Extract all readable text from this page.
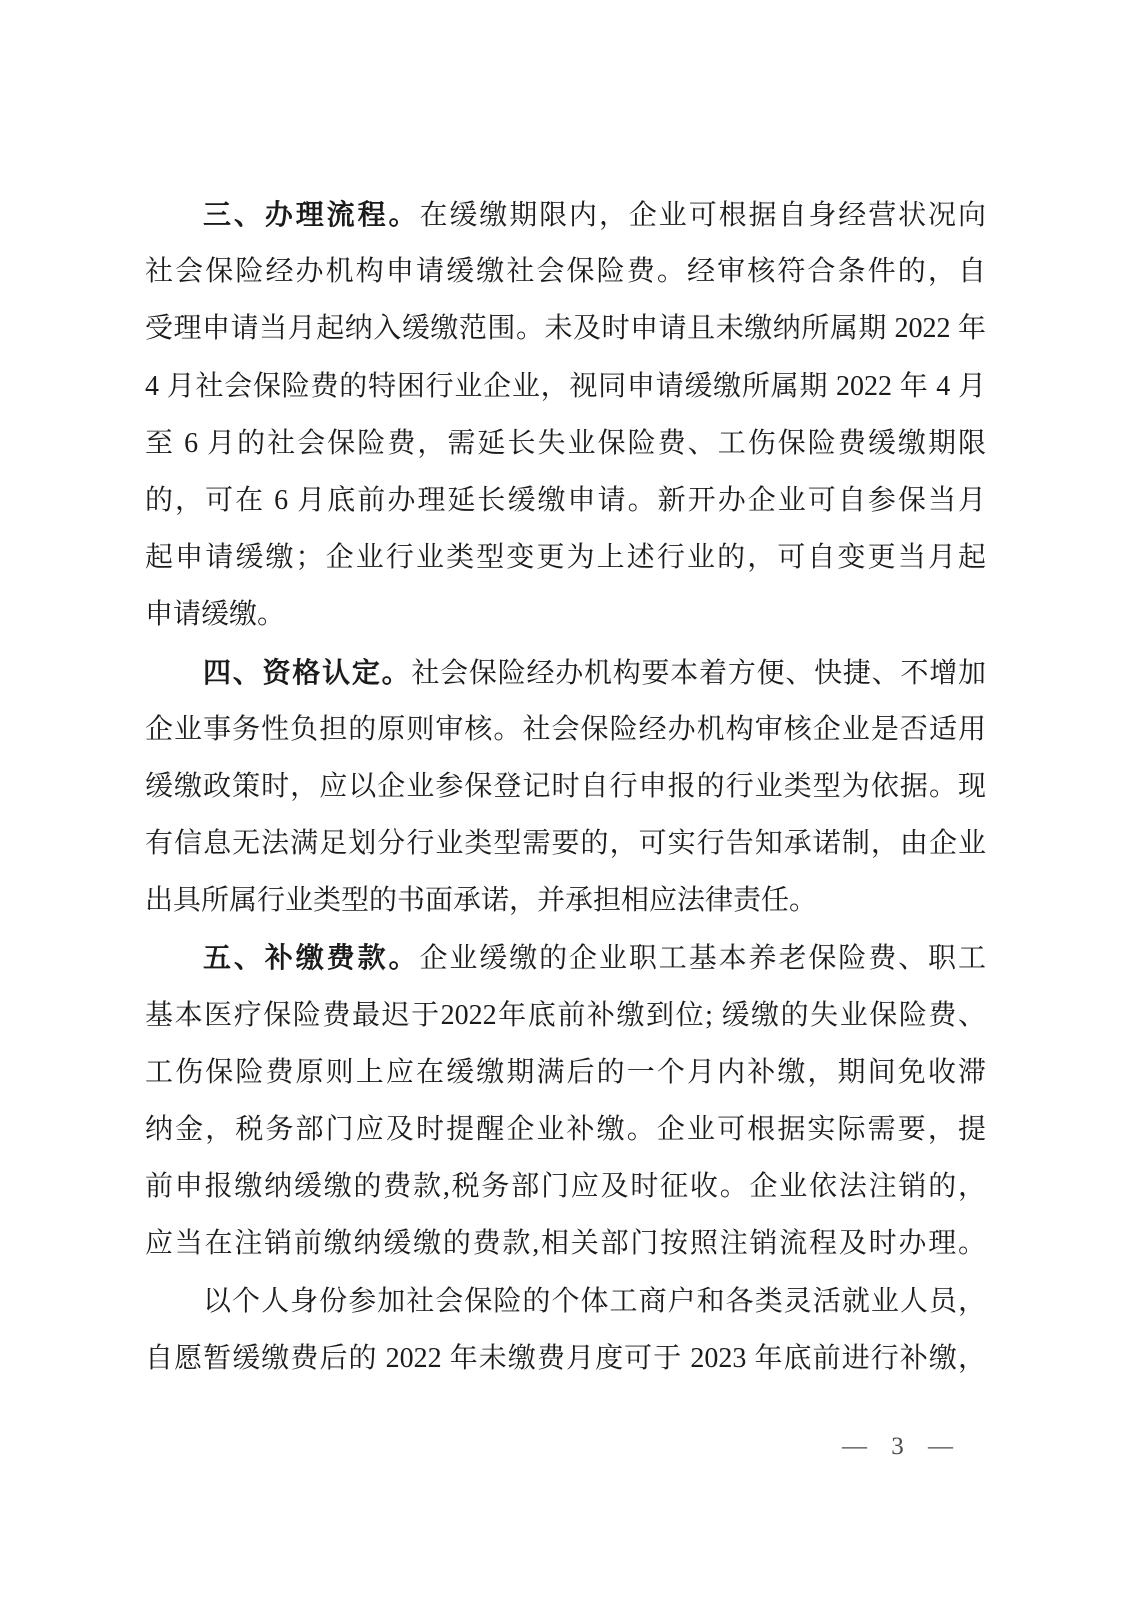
三、办理流程。在缓缴期限内，企业可根据自身经营状况向
社会保险经办机构申请缓缴社会保险费。经审核符合条件的，自
受理申请当月起纳入缓缴范围。未及时申请且未缴纳所属期 2022 年
4 月社会保险费的特困行业企业，视同申请缓缴所属期 2022 年 4 月
至 6 月的社会保险费，需延长失业保险费、工伤保险费缓缴期限
的，可在 6 月底前办理延长缓缴申请。新开办企业可自参保当月
起申请缓缴；企业行业类型变更为上述行业的，可自变更当月起
申请缓缴。
四、资格认定。社会保险经办机构要本着方便、快捷、不增加
企业事务性负担的原则审核。社会保险经办机构审核企业是否适用
缓缴政策时，应以企业参保登记时自行申报的行业类型为依据。现
有信息无法满足划分行业类型需要的，可实行告知承诺制，由企业
出具所属行业类型的书面承诺，并承担相应法律责任。
五、补缴费款。企业缓缴的企业职工基本养老保险费、职工
基本医疗保险费最迟于2022年底前补缴到位; 缓缴的失业保险费、
工伤保险费原则上应在缓缴期满后的一个月内补缴，期间免收滞
纳金，税务部门应及时提醒企业补缴。企业可根据实际需要，提
前申报缴纳缓缴的费款,税务部门应及时征收。企业依法注销的，
应当在注销前缴纳缓缴的费款,相关部门按照注销流程及时办理。
以个人身份参加社会保险的个体工商户和各类灵活就业人员，
自愿暂缓缴费后的 2022 年未缴费月度可于 2023 年底前进行补缴，
— 3 —
